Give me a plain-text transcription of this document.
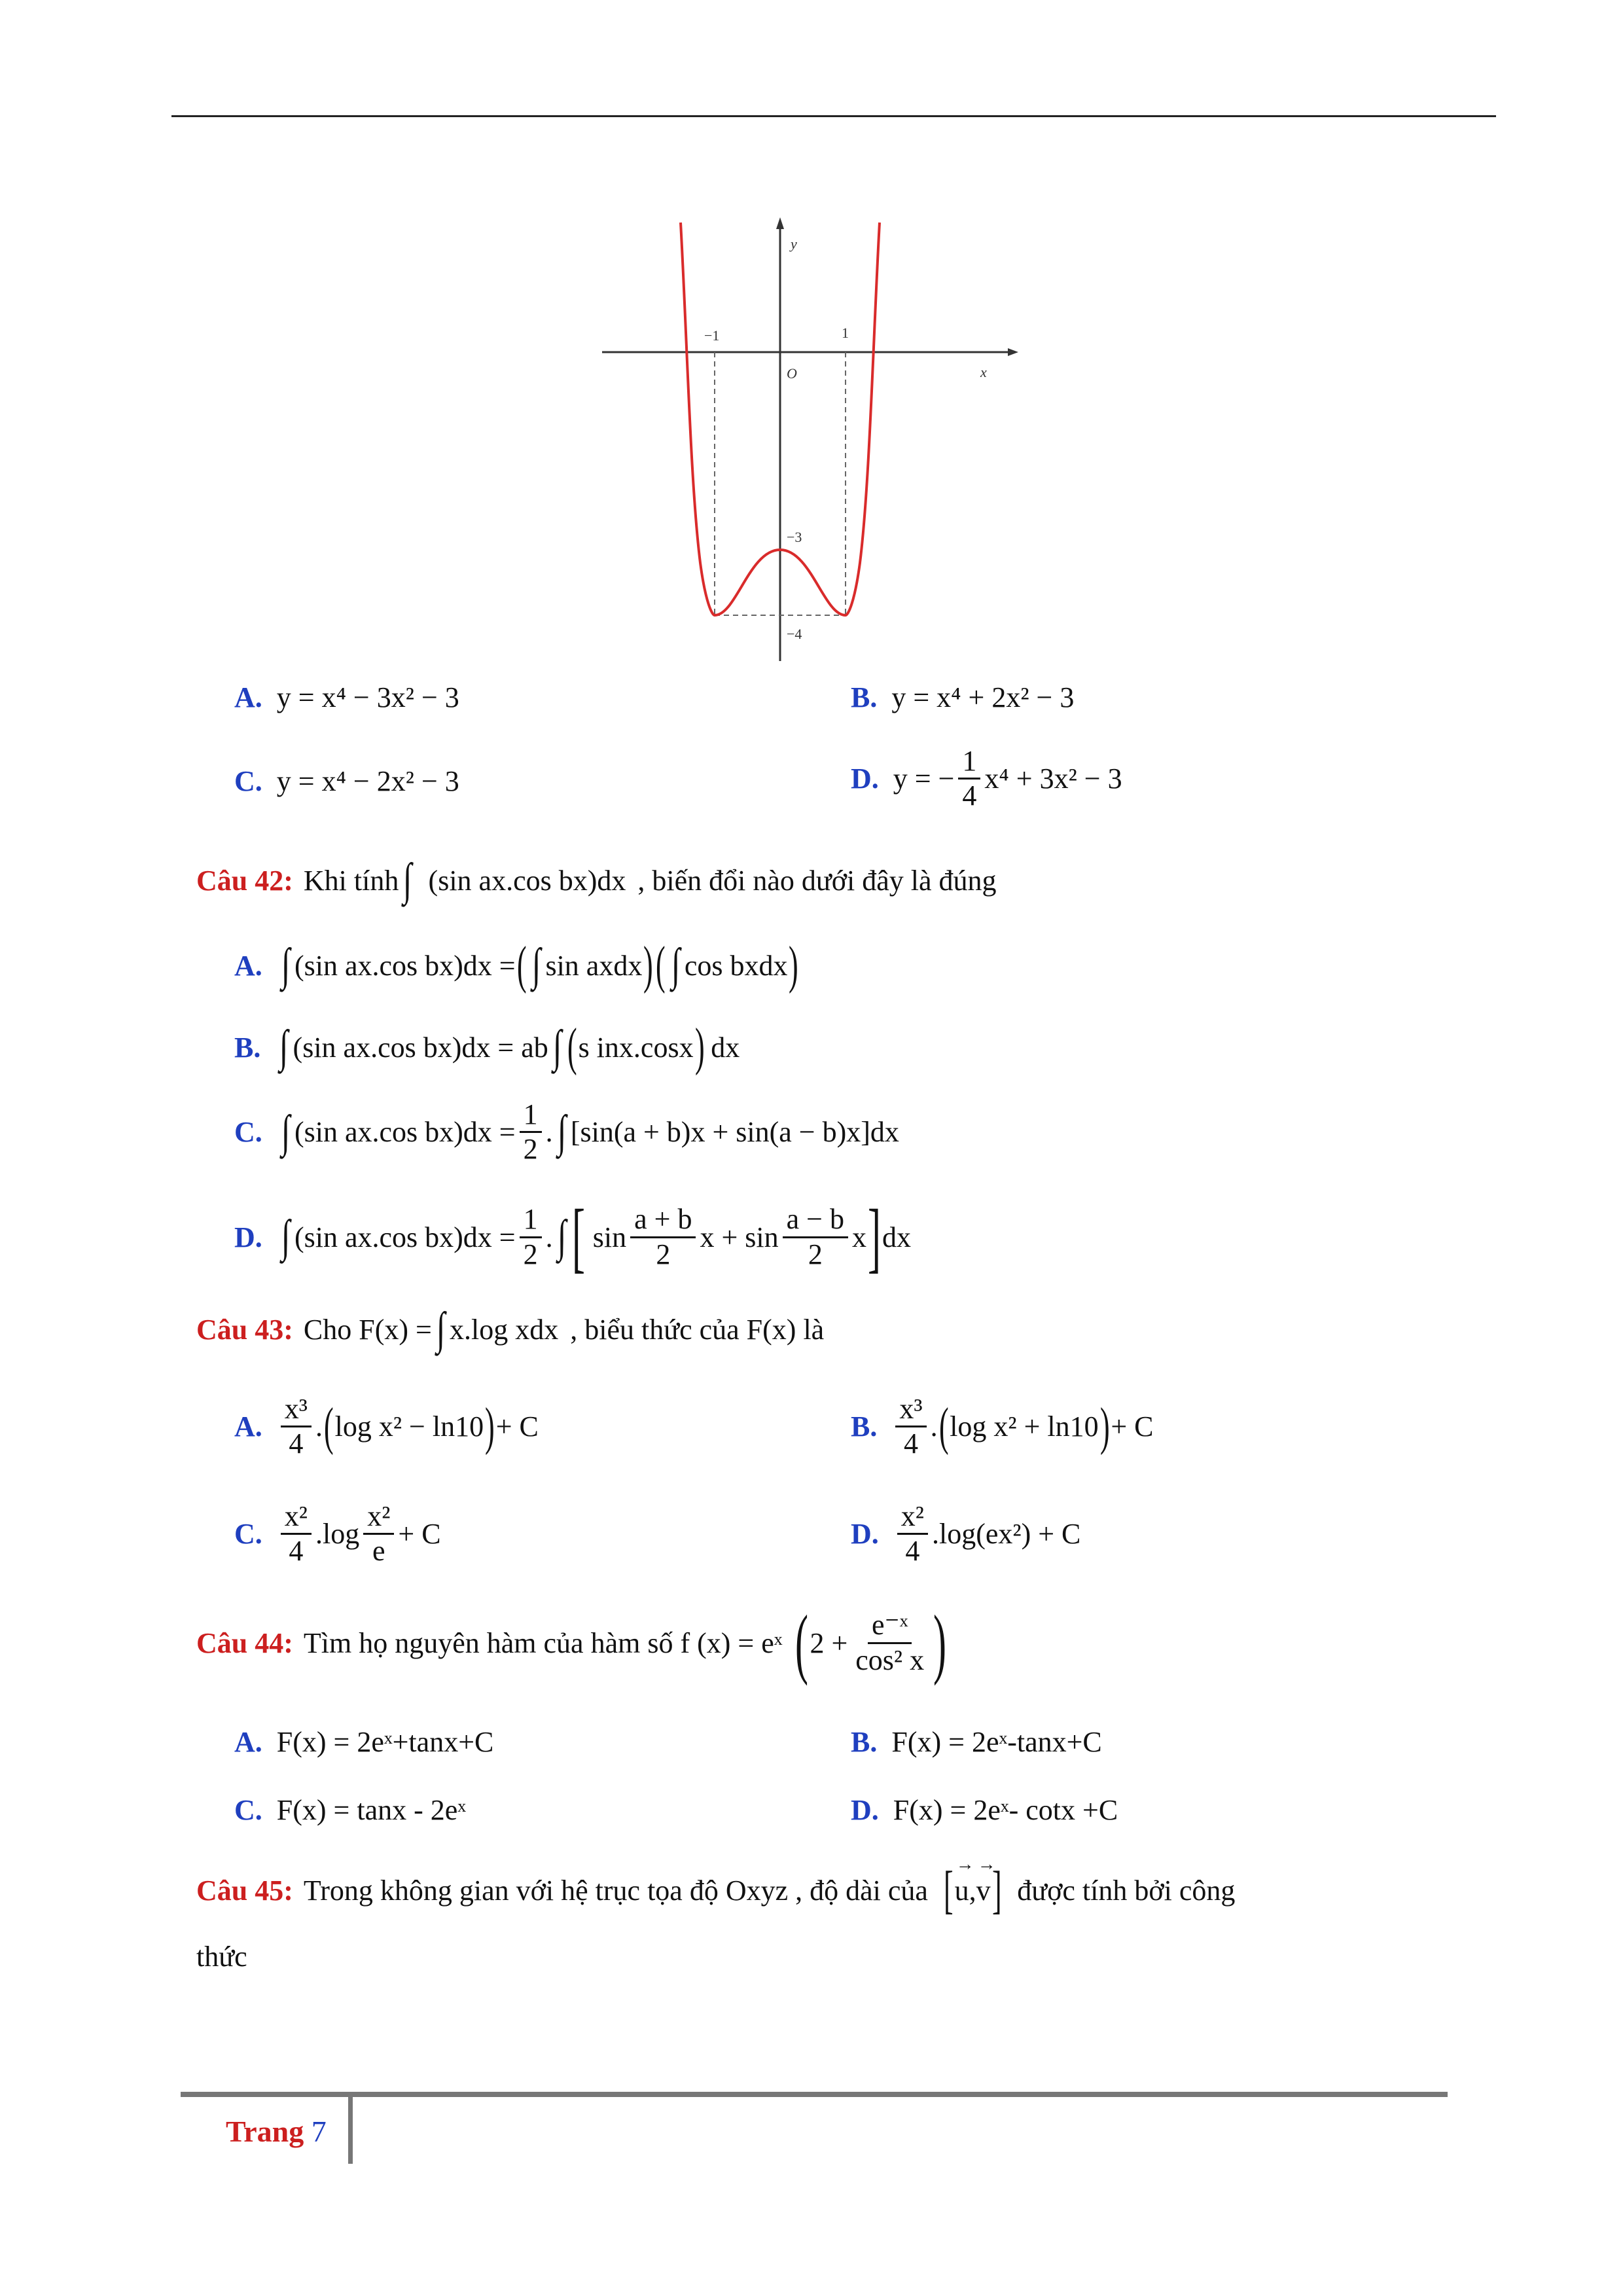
y
x
O
−1	1
−3
−4
A. y = x⁴ − 3x² − 3	B. y = x⁴ + 2x² − 3
C. y = x⁴ − 2x² − 3	D. y = − $\frac{1}{4} x^4 + 3x^2 - 3$
Câu 42: Khi tính ∫ (sin ax.cos bx)dx , biến đổi nào dưới đây là đúng
A. ∫ (sin ax.cos bx)dx = ( ∫ sin axdx ) ( ∫ cos bxdx )
B. ∫ (sin ax.cos bx)dx = ab ∫ ( s inx.cosx ) dx
C. ∫ (sin ax.cos $bx)dx = \frac{1}{2}$ . ∫ [sin(a + b)x + sin(a − b)x]dx
D. ∫ (sin ax.cos $bx)dx = \frac{1}{2}$ . ∫ [ $\sin \frac{a + b}{2}$ $x + \sin \frac{a - b}{2}$ x ] dx
Câu 43: Cho F(x) = ∫ x.log xdx , biểu thức của F(x) là
A. $\frac{\text{x³}}{4}$ . ( log x² − ln10 ) + C	B. $\frac{\text{x³}}{4}$ . ( log x² + ln10 ) + C
C. $\frac{\text{x²}}{4} .\log \frac{\text{x²}}{e} + C$	D. $\frac{\text{x²}}{4} .\log(ex^2) + C$
Câu 44: Tìm họ nguyên hàm của hàm số f (x) = eˣ ( $2 + \frac{\text{e⁻ˣ}}{\text{cos² x}}$ )
A. F(x) = 2eˣ+tanx+C	B. F(x) = 2eˣ-tanx+C
C. F(x) = tanx - 2eˣ	D. F(x) = 2eˣ- cotx +C
Câu 45: Trong không gian với hệ trục tọa độ Oxyz , độ dài của [ → u , → v ] được tính bởi công
thức
Trang 7
